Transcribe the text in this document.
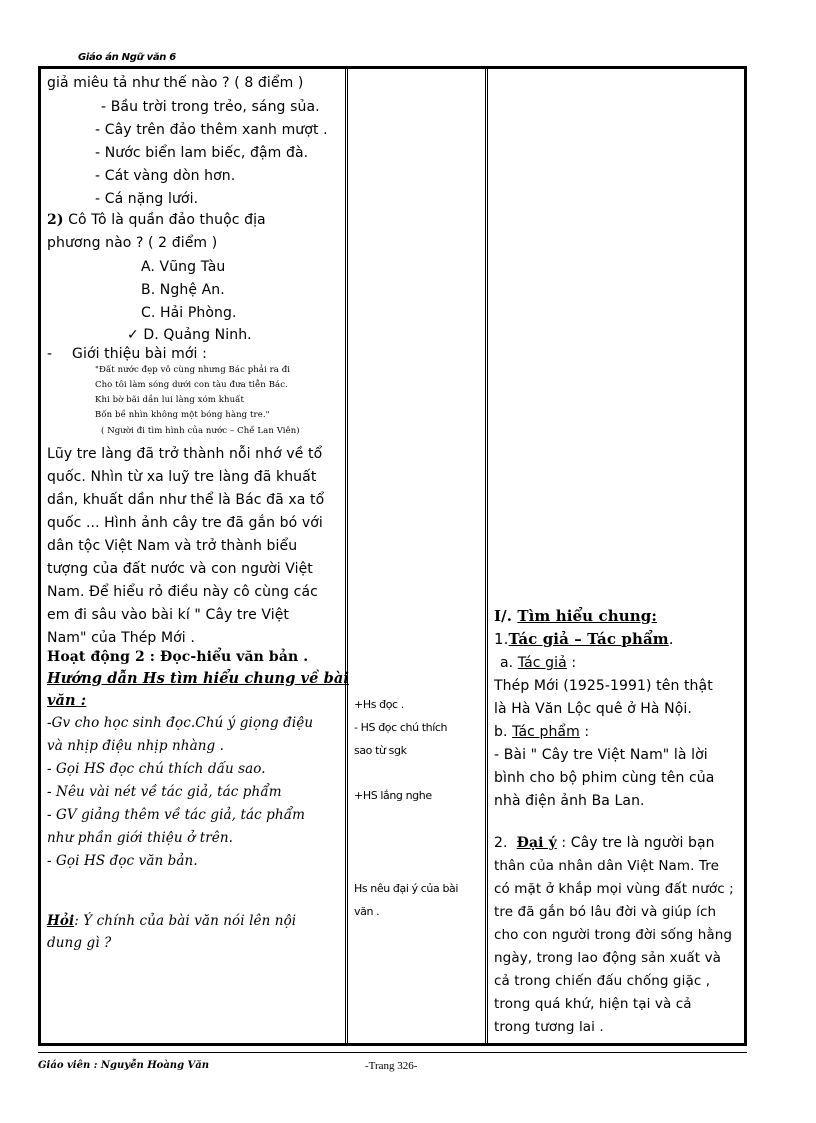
Giáo án Ngữ văn 6
giả miêu tả như thế nào ? ( 8 điểm )
- Bầu trời trong trẻo, sáng sủa.
- Cây trên đảo thêm xanh mượt .
- Nước biển lam biếc, đậm đà.
- Cát vàng dòn hơn.
- Cá nặng lưới.
2) Cô Tô là quần đảo thuộc địa
phương nào ? ( 2 điểm )
A. Vũng Tàu
B. Nghệ An.
C. Hải Phòng.
✓ D. Quảng Ninh.
- Giới thiệu bài mới :
"Đất nước đẹp vô cùng nhưng Bác phải ra đi
Cho tôi làm sóng dưới con tàu đưa tiễn Bác.
Khi bờ bãi dần lui làng xóm khuất
Bốn bề nhìn không một bóng hàng tre."
( Người đi tìm hình của nước – Chế Lan Viên)
Lũy tre làng đã trở thành nỗi nhớ về tổ
quốc. Nhìn từ xa luỹ tre làng đã khuất
dần, khuất dần như thể là Bác đã xa tổ
quốc ... Hình ảnh cây tre đã gắn bó với
dân tộc Việt Nam và trở thành biểu
tượng của đất nước và con người Việt
Nam. Để hiểu rỏ điều này cô cùng các
em đi sâu vào bài kí " Cây tre Việt
Nam" của Thép Mới .
Hoạt động 2 : Đọc-hiểu văn bản .
Hướng dẫn Hs tìm hiểu chung về bài
văn :
-Gv cho học sinh đọc.Chú ý giọng điệu
và nhịp điệu nhịp nhàng .
- Gọi HS đọc chú thích dấu sao.
- Nêu vài nét về tác giả, tác phẩm
- GV giảng thêm về tác giả, tác phẩm
như phần giới thiệu ở trên.
- Gọi HS đọc văn bản.
Hỏi: Ý chính của bài văn nói lên nội
dung gì ?
+Hs đọc .
- HS đọc chú thích
sao từ sgk
+HS lắng nghe
Hs nêu đại ý của bài
văn .
I/. Tìm hiểu chung:
1.Tác giả – Tác phẩm.
a. Tác giả :
Thép Mới (1925-1991) tên thật
là Hà Văn Lộc quê ở Hà Nội.
b. Tác phẩm :
- Bài " Cây tre Việt Nam" là lời
bình cho bộ phim cùng tên của
nhà điện ảnh Ba Lan.
2. Đại ý : Cây tre là người bạn
thân của nhân dân Việt Nam. Tre
có mặt ở khắp mọi vùng đất nước ;
tre đã gắn bó lâu đời và giúp ích
cho con người trong đời sống hằng
ngày, trong lao động sản xuất và
cả trong chiến đấu chống giặc ,
trong quá khứ, hiện tại và cả
trong tương lai .
Giáo viên : Nguyễn Hoàng Văn	-Trang 326-
